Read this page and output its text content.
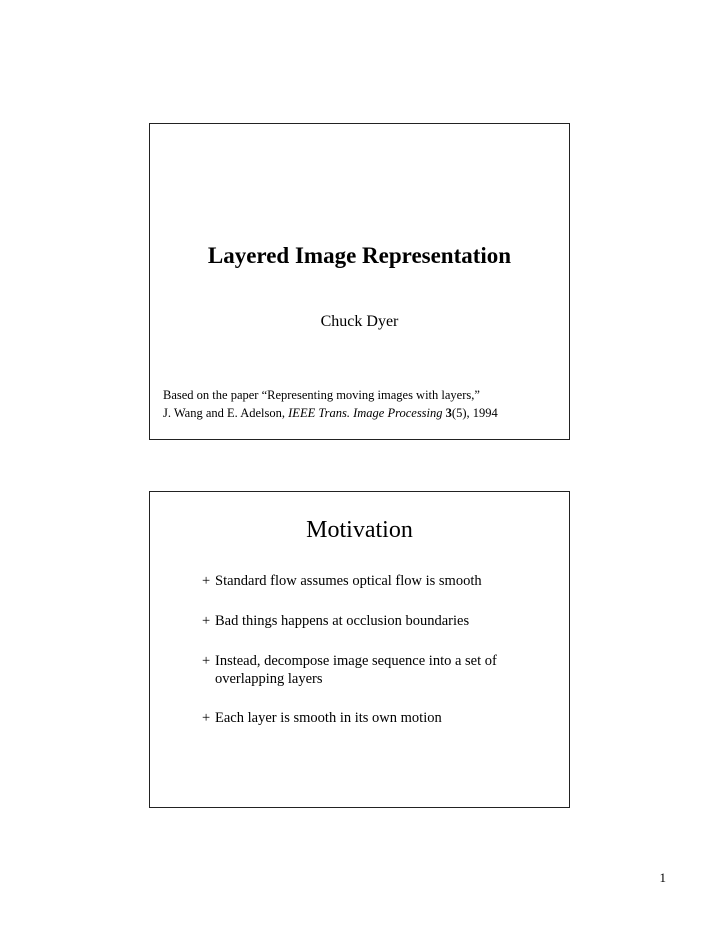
Layered Image Representation
Chuck Dyer
Based on the paper “Representing moving images with layers,”
J. Wang and E. Adelson, IEEE Trans. Image Processing 3(5), 1994
Motivation
+ Standard flow assumes optical flow is smooth
+ Bad things happens at occlusion boundaries
+ Instead, decompose image sequence into a set of
overlapping layers
+ Each layer is smooth in its own motion
1
